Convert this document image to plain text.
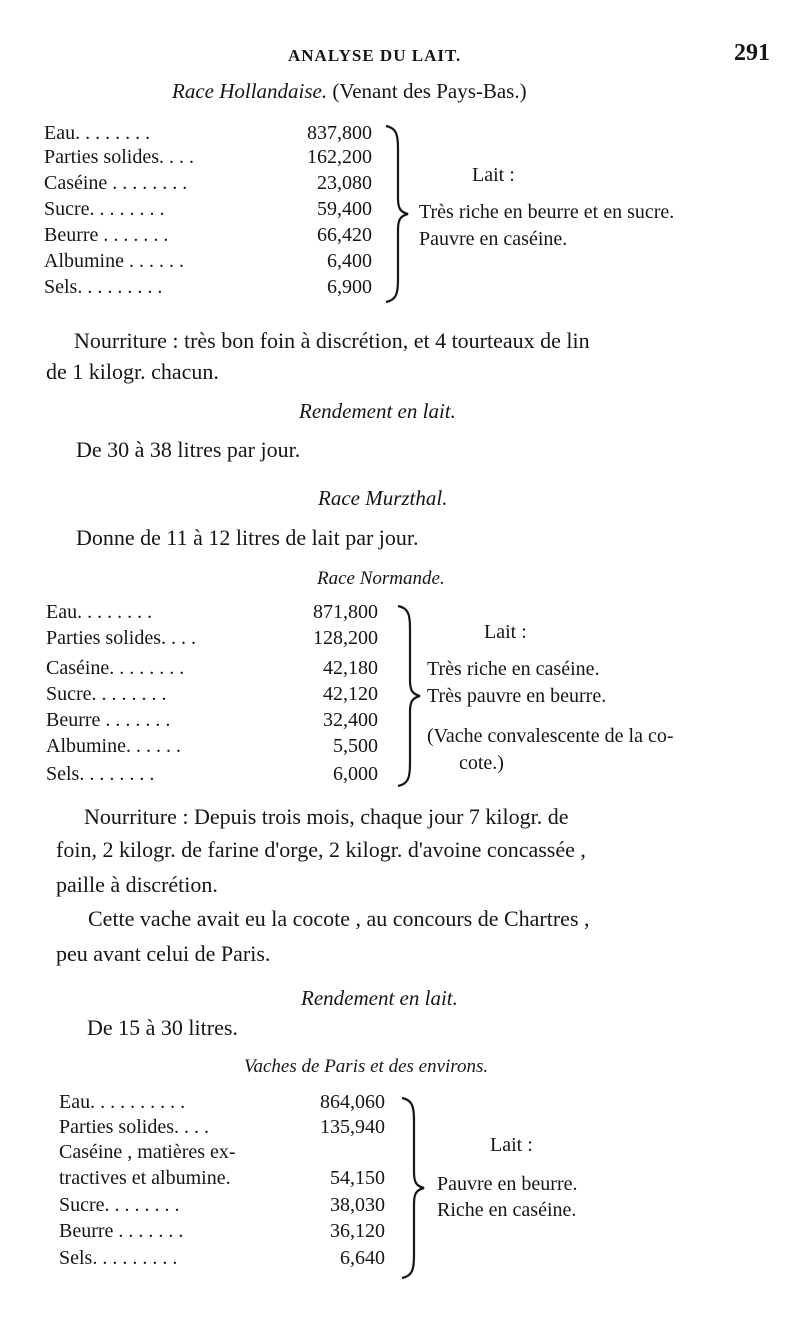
ANALYSE DU LAIT.	291
Race Hollandaise. (Venant des Pays-Bas.)
Eau. . . . . . . .	837,800
Parties solides. . . .	162,200
Caséine . . . . . . . .	23,080
Sucre. . . . . . . .	59,400
Beurre . . . . . . .	66,420
Albumine . . . . . .	6,400
Sels. . . . . . . . .	6,900
Lait :
Très riche en beurre et en sucre.
Pauvre en caséine.
Nourriture : très bon foin à discrétion, et 4 tourteaux de lin
de 1 kilogr. chacun.
Rendement en lait.
De 30 à 38 litres par jour.
Race Murzthal.
Donne de 11 à 12 litres de lait par jour.
Race Normande.
Eau. . . . . . . .	871,800
Parties solides. . . .	128,200
Caséine. . . . . . . .	42,180
Sucre. . . . . . . .	42,120
Beurre . . . . . . .	32,400
Albumine. . . . . .	5,500
Sels. . . . . . . .	6,000
Lait :
Très riche en caséine.
Très pauvre en beurre.
(Vache convalescente de la co-
cote.)
Nourriture : Depuis trois mois, chaque jour 7 kilogr. de
foin, 2 kilogr. de farine d'orge, 2 kilogr. d'avoine concassée ,
paille à discrétion.
Cette vache avait eu la cocote , au concours de Chartres ,
peu avant celui de Paris.
Rendement en lait.
De 15 à 30 litres.
Vaches de Paris et des environs.
Eau. . . . . . . . . .	864,060
Parties solides. . . .	135,940
Caséine , matières ex-
tractives et albumine.	54,150
Sucre. . . . . . . .	38,030
Beurre . . . . . . .	36,120
Sels. . . . . . . . .	6,640
Lait :
Pauvre en beurre.
Riche en caséine.
